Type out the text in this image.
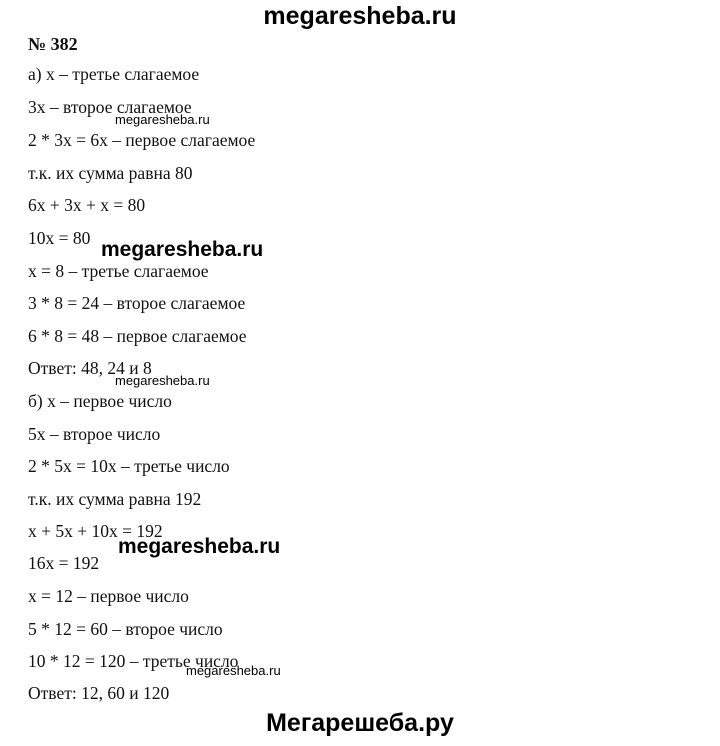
megaresheba.ru
№ 382
а) x – третье слагаемое
3x – второе слагаемое
2 * 3x = 6x – первое слагаемое
т.к. их сумма равна 80
6x + 3x + x = 80
10x = 80
x = 8 – третье слагаемое
3 * 8 = 24 – второе слагаемое
6 * 8 = 48 – первое слагаемое
Ответ: 48, 24 и 8
б) x – первое число
5x – второе число
2 * 5x = 10x – третье число
т.к. их сумма равна 192
x + 5x + 10x = 192
16x = 192
x = 12 – первое число
5 * 12 = 60 – второе число
10 * 12 = 120 – третье число
Ответ: 12, 60 и 120
megaresheba.ru
megaresheba.ru
megaresheba.ru
megaresheba.ru
megaresheba.ru
Мегарешеба.ру
